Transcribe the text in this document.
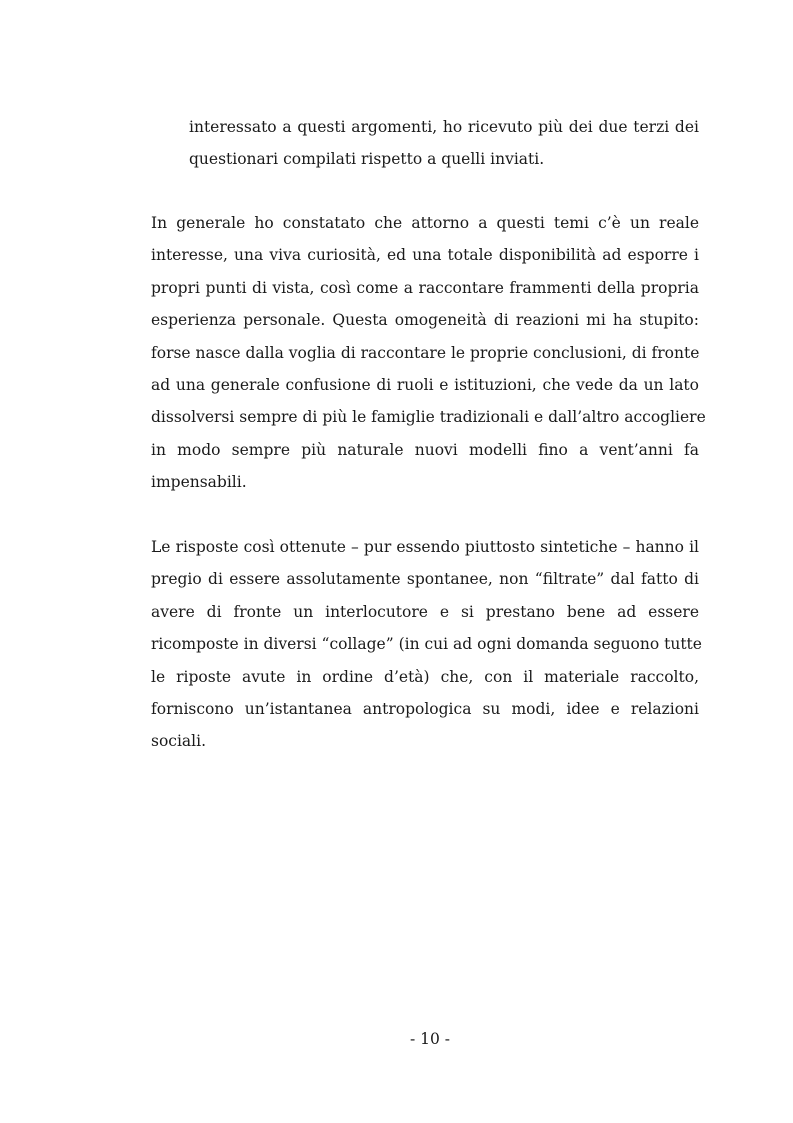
interessato a questi argomenti, ho ricevuto più dei due terzi dei

questionari compilati rispetto a quelli inviati.

In generale ho constatato che attorno a questi temi c’è un reale

interesse, una viva curiosità, ed una totale disponibilità ad esporre i

propri punti di vista, così come a raccontare frammenti della propria

esperienza personale. Questa omogeneità di reazioni mi ha stupito:

forse nasce dalla voglia di raccontare le proprie conclusioni, di fronte

ad una generale confusione di ruoli e istituzioni, che vede da un lato

dissolversi sempre di più le famiglie tradizionali e dall’altro accogliere

in modo sempre più naturale nuovi modelli fino a vent’anni fa

impensabili.

Le risposte così ottenute – pur essendo piuttosto sintetiche – hanno il

pregio di essere assolutamente spontanee, non “filtrate” dal fatto di

avere di fronte un interlocutore e si prestano bene ad essere

ricomposte in diversi “collage” (in cui ad ogni domanda seguono tutte

le riposte avute in ordine d’età) che, con il materiale raccolto,

forniscono un’istantanea antropologica su modi, idee e relazioni

sociali.

- 10 -
